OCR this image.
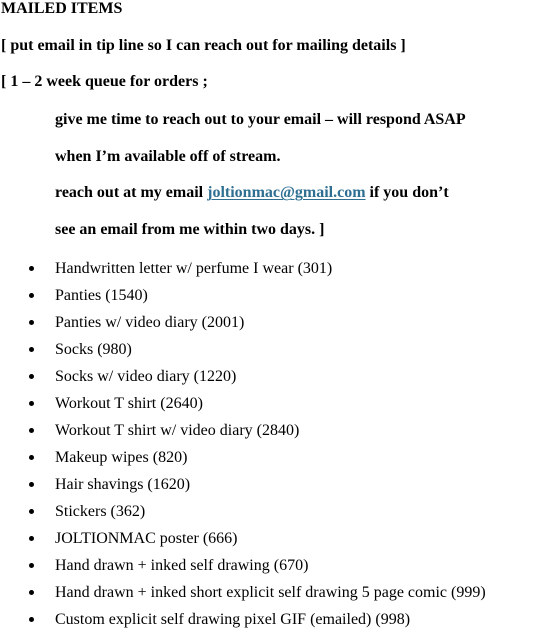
MAILED ITEMS
[ put email in tip line so I can reach out for mailing details ]
[ 1 – 2 week queue for orders ;
give me time to reach out to your email – will respond ASAP
when I’m available off of stream.
reach out at my email joltionmac@gmail.com if you don’t
see an email from me within two days. ]
Handwritten letter w/ perfume I wear (301)
Panties (1540)
Panties w/ video diary (2001)
Socks (980)
Socks w/ video diary (1220)
Workout T shirt (2640)
Workout T shirt w/ video diary (2840)
Makeup wipes (820)
Hair shavings (1620)
Stickers (362)
JOLTIONMAC poster (666)
Hand drawn + inked self drawing (670)
Hand drawn + inked short explicit self drawing 5 page comic (999)
Custom explicit self drawing pixel GIF (emailed) (998)
